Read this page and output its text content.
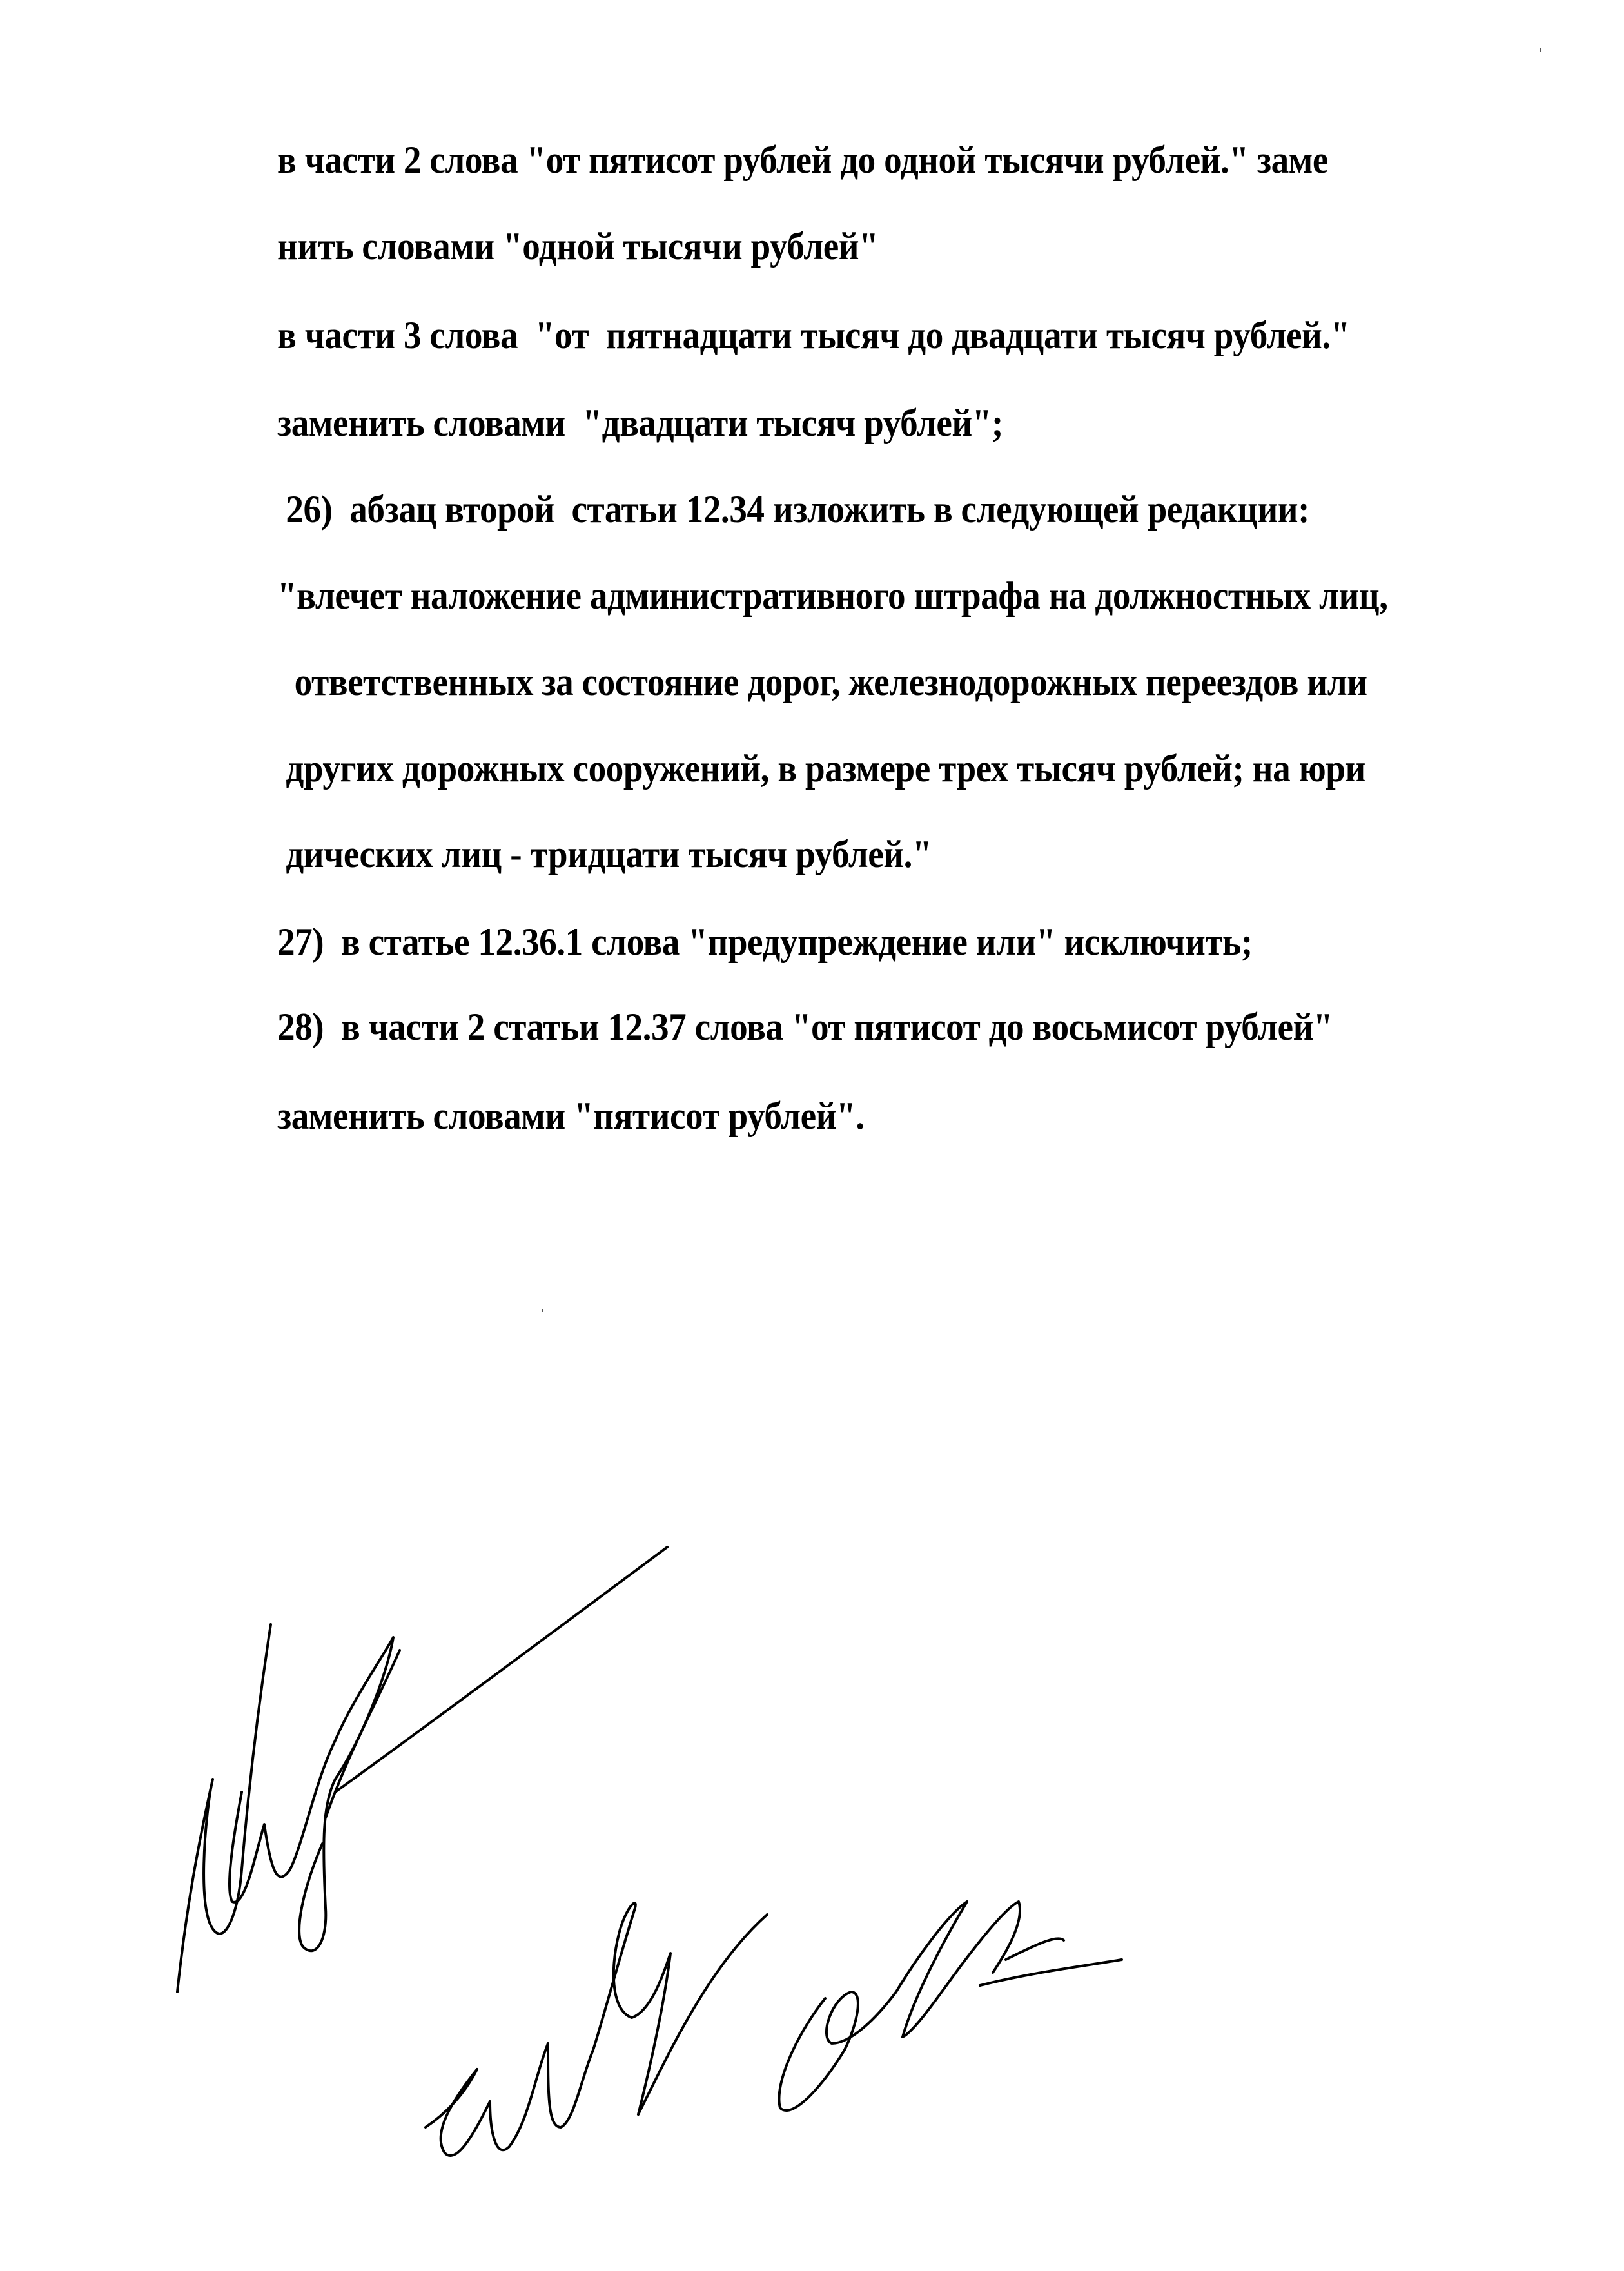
в части 2 слова "от пятисот рублей до одной тысячи рублей." заме
нить словами "одной тысячи рублей"
в части 3 слова  "от  пятнадцати тысяч до двадцати тысяч рублей."
заменить словами  "двадцати тысяч рублей";
26)  абзац второй  статьи 12.34 изложить в следующей редакции:
"влечет наложение административного штрафа на должностных лиц,
ответственных за состояние дорог, железнодорожных переездов или
других дорожных сооружений, в размере трех тысяч рублей; на юри
дических лиц - тридцати тысяч рублей."
27)  в статье 12.36.1 слова "предупреждение или" исключить;
28)  в части 2 статьи 12.37 слова "от пятисот до восьмисот рублей"
заменить словами "пятисот рублей".
